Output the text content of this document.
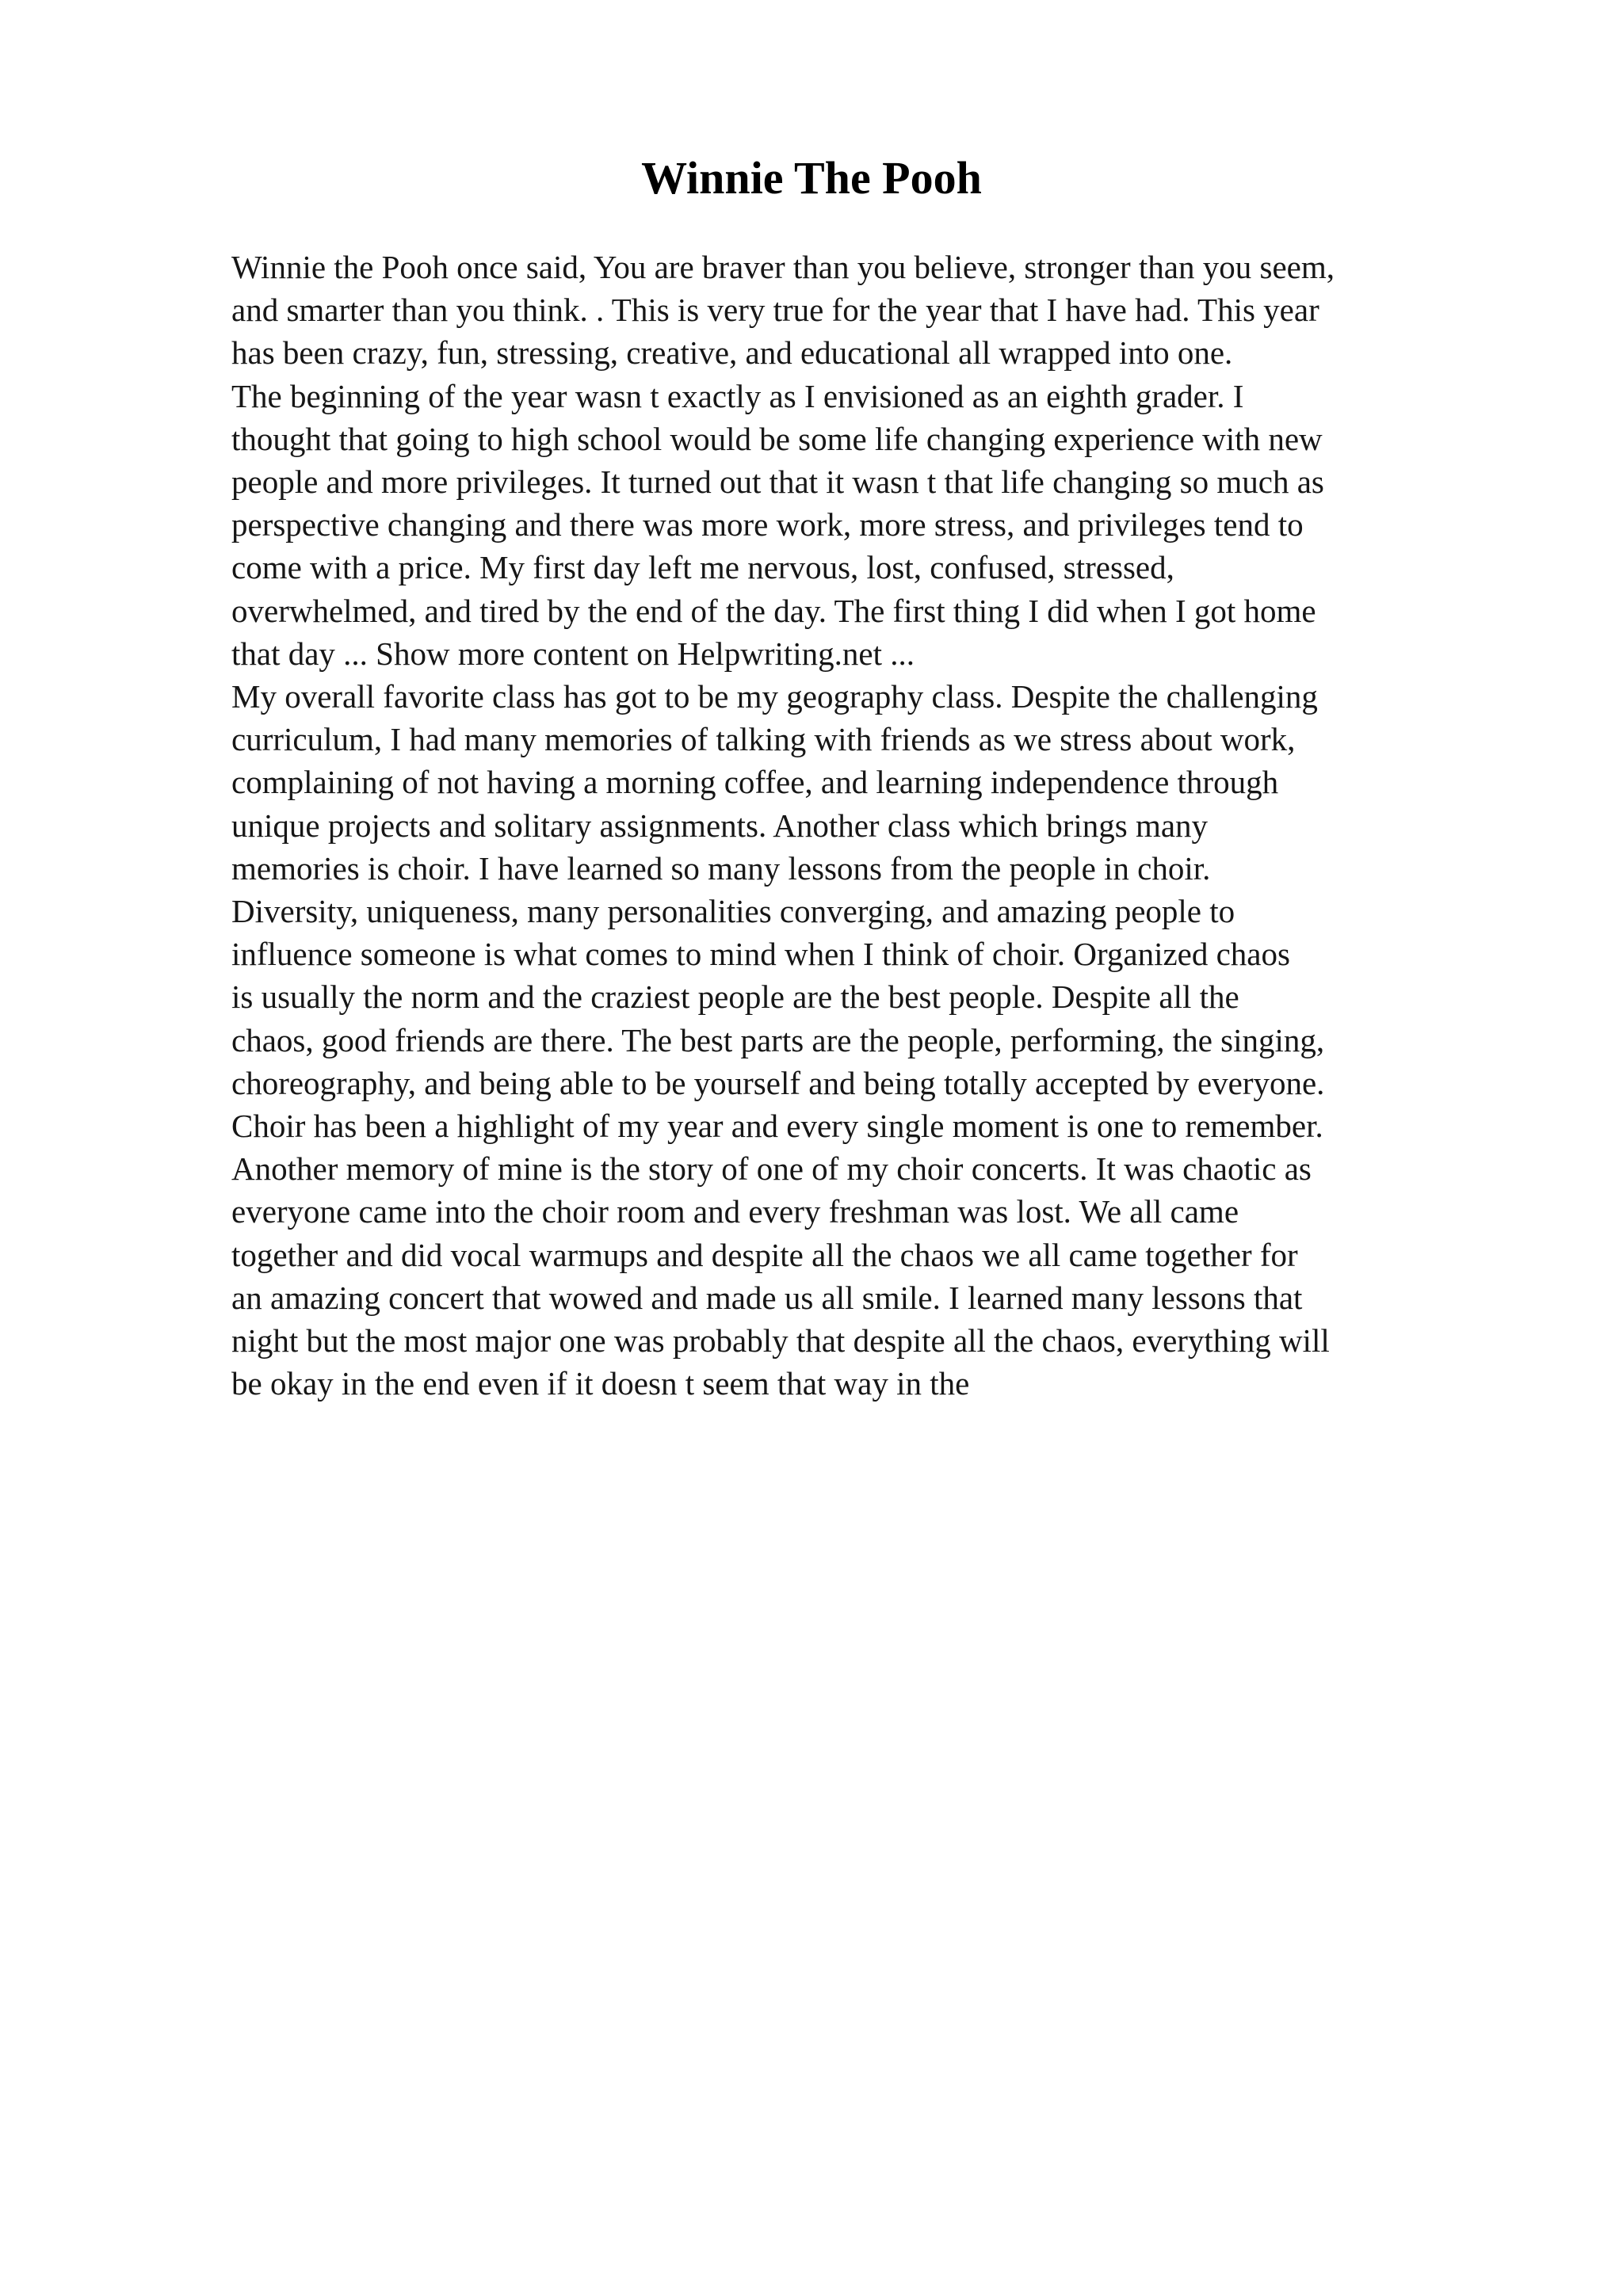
Winnie The Pooh
Winnie the Pooh once said, You are braver than you believe, stronger than you seem,
and smarter than you think. . This is very true for the year that I have had. This year
has been crazy, fun, stressing, creative, and educational all wrapped into one.
The beginning of the year wasn t exactly as I envisioned as an eighth grader. I
thought that going to high school would be some life changing experience with new
people and more privileges. It turned out that it wasn t that life changing so much as
perspective changing and there was more work, more stress, and privileges tend to
come with a price. My first day left me nervous, lost, confused, stressed,
overwhelmed, and tired by the end of the day. The first thing I did when I got home
that day ... Show more content on Helpwriting.net ...
My overall favorite class has got to be my geography class. Despite the challenging
curriculum, I had many memories of talking with friends as we stress about work,
complaining of not having a morning coffee, and learning independence through
unique projects and solitary assignments. Another class which brings many
memories is choir. I have learned so many lessons from the people in choir.
Diversity, uniqueness, many personalities converging, and amazing people to
influence someone is what comes to mind when I think of choir. Organized chaos
is usually the norm and the craziest people are the best people. Despite all the
chaos, good friends are there. The best parts are the people, performing, the singing,
choreography, and being able to be yourself and being totally accepted by everyone.
Choir has been a highlight of my year and every single moment is one to remember.
Another memory of mine is the story of one of my choir concerts. It was chaotic as
everyone came into the choir room and every freshman was lost. We all came
together and did vocal warmups and despite all the chaos we all came together for
an amazing concert that wowed and made us all smile. I learned many lessons that
night but the most major one was probably that despite all the chaos, everything will
be okay in the end even if it doesn t seem that way in the
